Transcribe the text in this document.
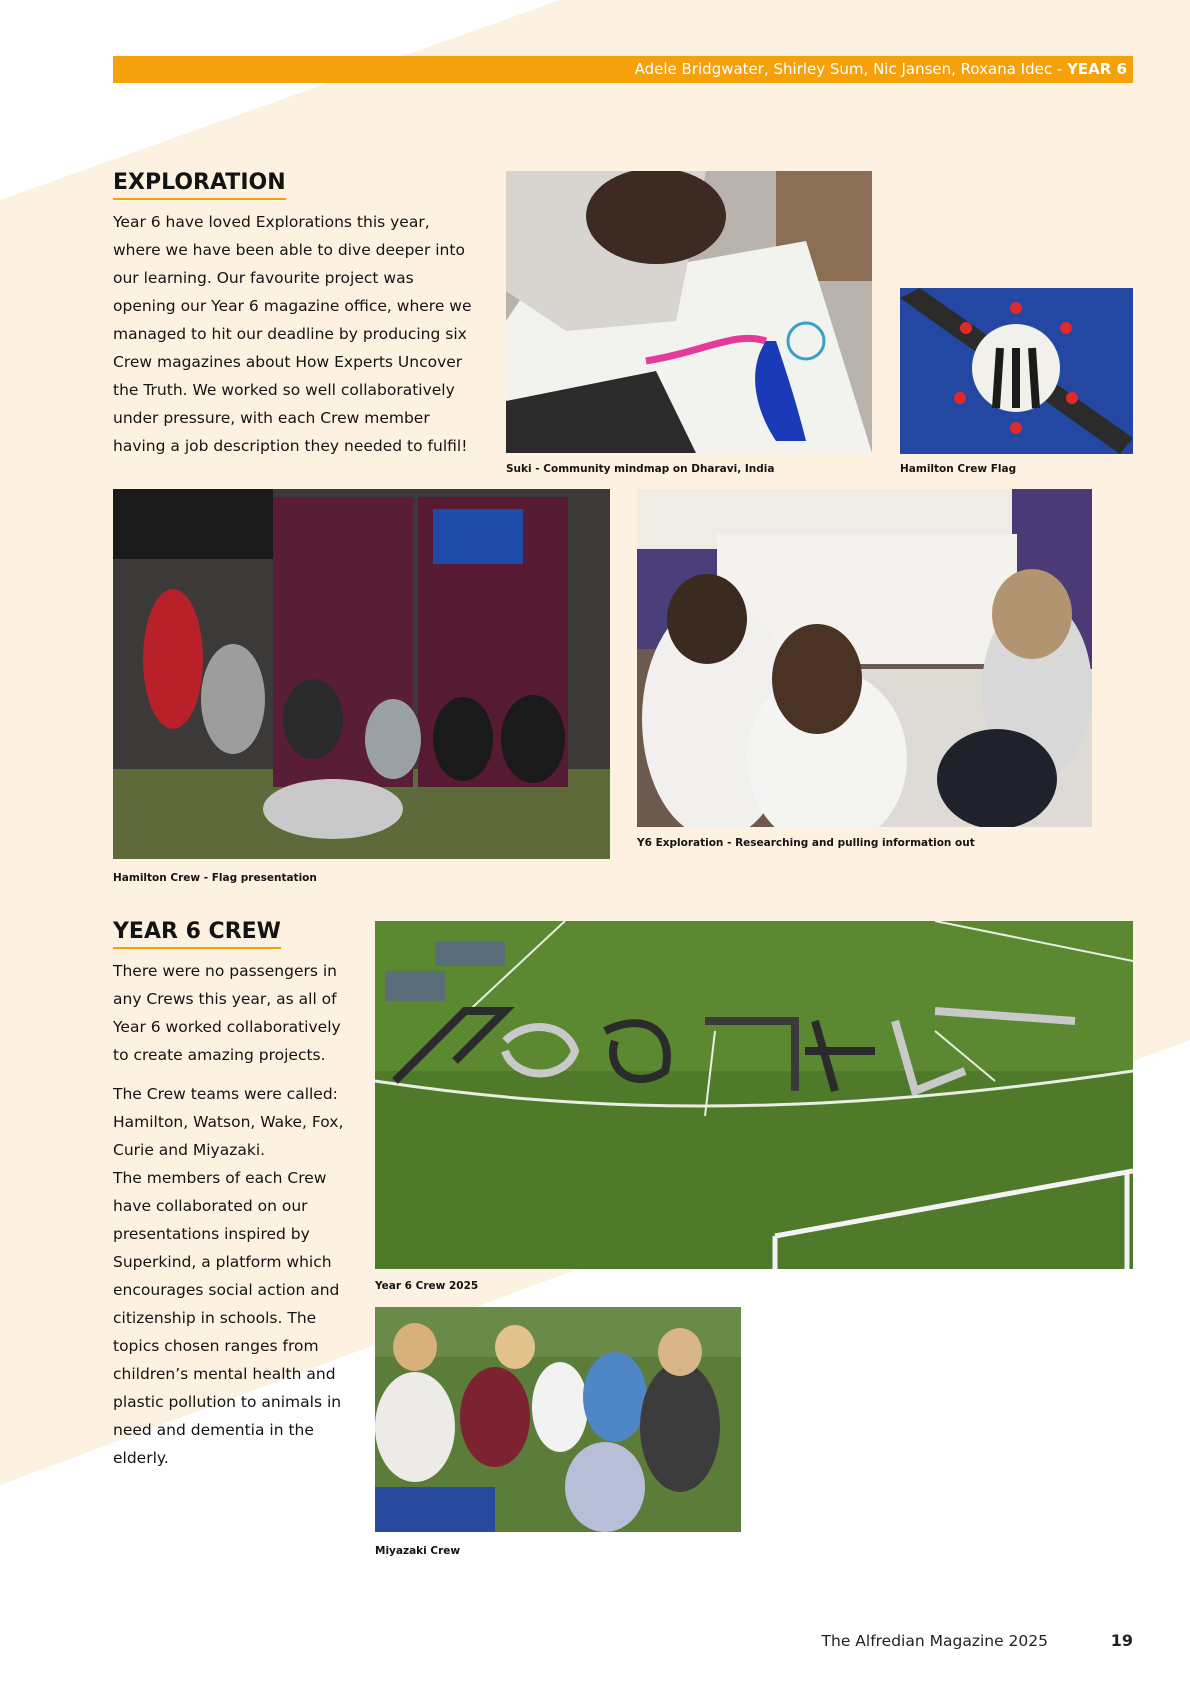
Adele Bridgwater, Shirley Sum, Nic Jansen, Roxana Idec - YEAR 6
EXPLORATION

Year 6 have loved Explorations this year, where we have been able to dive deeper into our learning. Our favourite project was opening our Year 6 magazine office, where we managed to hit our deadline by producing six Crew magazines about How Experts Uncover the Truth. We worked so well collaboratively under pressure, with each Crew member having a job description they needed to fulfil!

Suki - Community mindmap on Dharavi, India	Hamilton Crew Flag
Hamilton Crew - Flag presentation
Y6 Exploration - Researching and pulling information out
YEAR 6 CREW

There were no passengers in any Crews this year, as all of Year 6 worked collaboratively to create amazing projects.

The Crew teams were called: Hamilton, Watson, Wake, Fox, Curie and Miyazaki.

The members of each Crew have collaborated on our presentations inspired by Superkind, a platform which encourages social action and citizenship in schools. The topics chosen ranges from children’s mental health and plastic pollution to animals in need and dementia in the elderly.

Year 6 Crew 2025
Miyazaki Crew
The Alfredian Magazine 2025	19
